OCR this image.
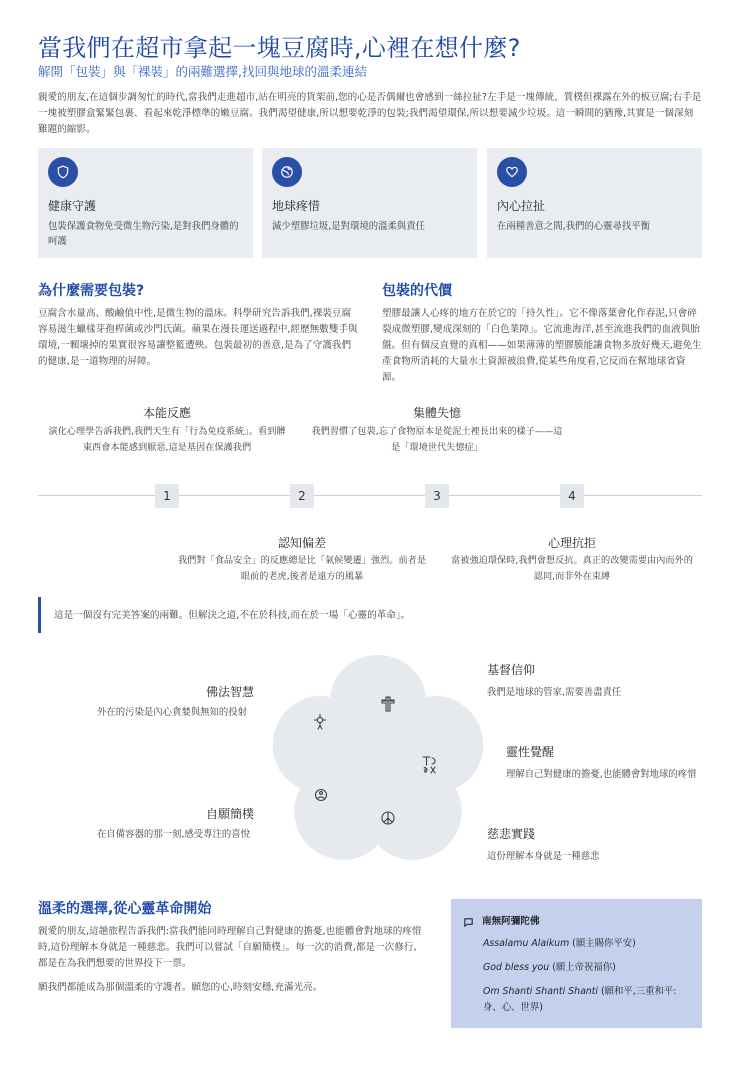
當我們在超市拿起一塊豆腐時,心裡在想什麼?
解開「包裝」與「裸裝」的兩難選擇,找回與地球的溫柔連結

親愛的朋友,在這個步調匆忙的時代,當我們走進超市,站在明亮的貨架前,您的心是否偶爾也會感到一絲拉扯?左手是一塊傳統、質樸但裸露在外的板豆腐;右手是一塊被塑膠盒緊緊包裹、看起來乾淨標準的嫩豆腐。我們渴望健康,所以想要乾淨的包裝;我們渴望環保,所以想要減少垃圾。這一瞬間的猶豫,其實是一個深刻難題的縮影。

健康守護
包裝保護食物免受微生物污染,是對我們身體的呵護
地球疼惜
減少塑膠垃圾,是對環境的溫柔與責任
內心拉扯
在兩種善意之間,我們的心靈尋找平衡
為什麼需要包裝?

豆腐含水量高、酸鹼值中性,是微生物的溫床。科學研究告訴我們,裸裝豆腐容易滋生蠟樣芽孢桿菌或沙門氏菌。蘋果在漫長運送過程中,經歷無數雙手與環境,一顆壞掉的果實很容易讓整籃遭殃。包裝最初的善意,是為了守護我們的健康,是一道物理的屏障。

包裝的代價

塑膠最讓人心疼的地方在於它的「持久性」。它不像落葉會化作春泥,只會碎裂成微塑膠,變成深刻的「白色業障」。它流進海洋,甚至流進我們的血液與胎盤。但有個反直覺的真相——如果薄薄的塑膠膜能讓食物多放好幾天,避免生產食物所消耗的大量水土資源被浪費,從某些角度看,它反而在幫地球省資源。

1	2	3	4
本能反應
演化心理學告訴我們,我們天生有「行為免疫系統」。看到髒東西會本能感到厭惡,這是基因在保護我們
集體失憶
我們習慣了包裝,忘了食物原本是從泥土裡長出來的樣子——這是「環境世代失憶症」
認知偏差
我們對「食品安全」的反應總是比「氣候變遷」強烈。前者是眼前的老虎,後者是遠方的風暴
心理抗拒
當被強迫環保時,我們會想反抗。真正的改變需要由內而外的認同,而非外在束縛
這是一個沒有完美答案的兩難。但解決之道,不在於科技,而在於一場「心靈的革命」。
佛法智慧
外在的污染是內心貪婪與無知的投射
基督信仰
我們是地球的管家,需要善盡責任
靈性覺醒
理解自己對健康的擔憂,也能體會對地球的疼惜
慈悲實踐
這份理解本身就是一種慈悲
自願簡樸
在自備容器的那一刻,感受專注的喜悅
溫柔的選擇,從心靈革命開始

親愛的朋友,這趟旅程告訴我們:當我們能同時理解自己對健康的擔憂,也能體會對地球的疼惜時,這份理解本身就是一種慈悲。我們可以嘗試「自願簡樸」。每一次的消費,都是一次修行,都是在為我們想要的世界投下一票。

願我們都能成為那個溫柔的守護者。願您的心,時刻安穩,充滿光亮。

南無阿彌陀佛
Assalamu Alaikum (願主賜你平安)
God bless you (願上帝祝福你)
Om Shanti Shanti Shanti (願和平,三重和平:身、心、世界)
